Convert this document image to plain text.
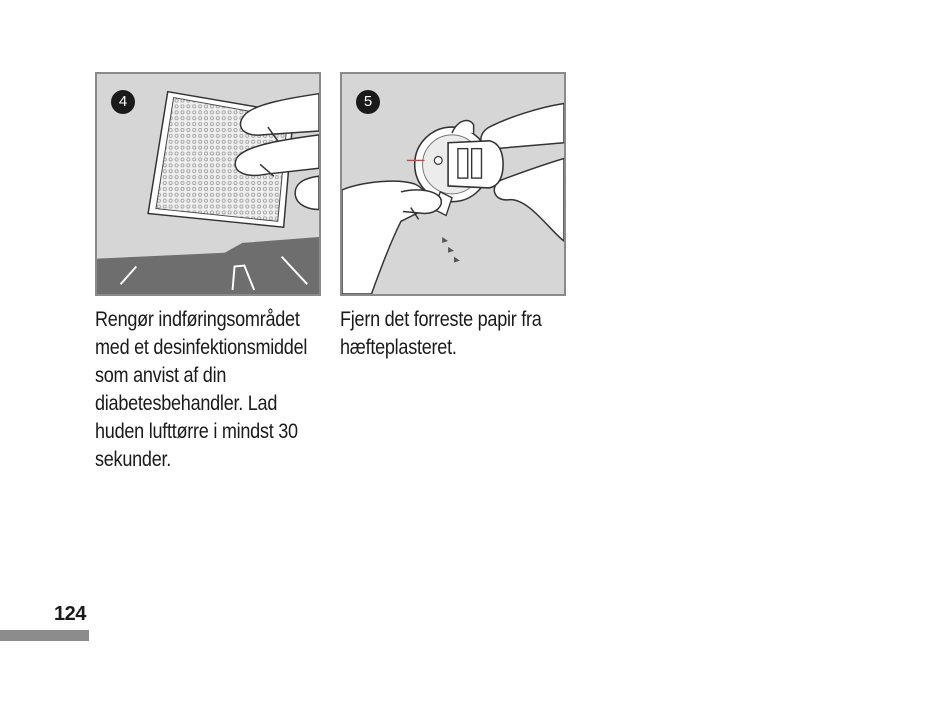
4
Rengør indføringsområdet med et desinfektionsmiddel som anvist af din diabetesbehandler. Lad huden lufttørre i mindst 30 sekunder.
5
Fjern det forreste papir fra hæfteplasteret.
124
